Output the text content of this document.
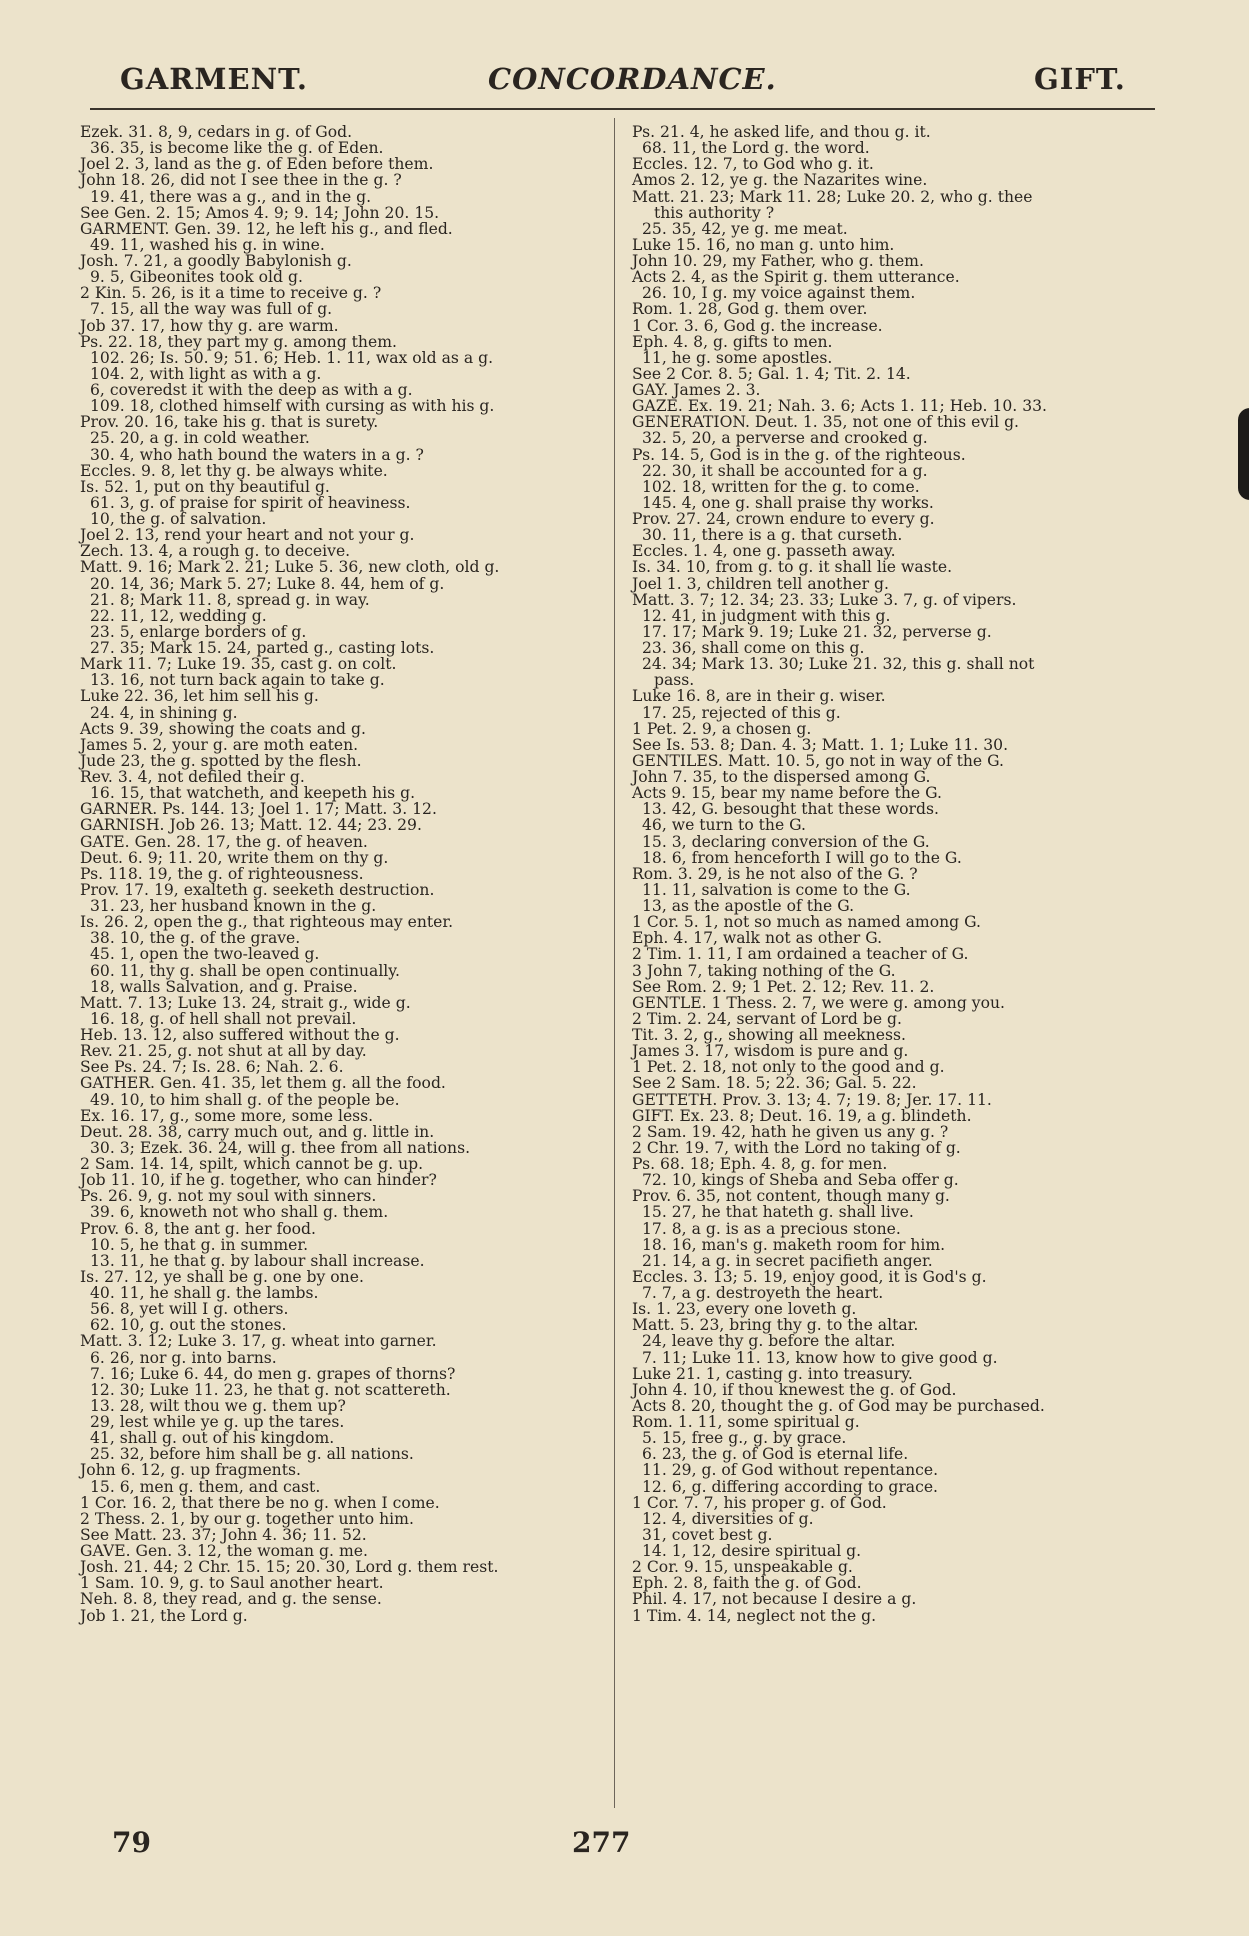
GARMENT.	CONCORDANCE.	GIFT.
Ezek. 31. 8, 9, cedars in g. of God.
36. 35, is become like the g. of Eden.
Joel 2. 3, land as the g. of Eden before them.
John 18. 26, did not I see thee in the g. ?
19. 41, there was a g., and in the g.
See Gen. 2. 15; Amos 4. 9; 9. 14; John 20. 15.
GARMENT. Gen. 39. 12, he left his g., and fled.
49. 11, washed his g. in wine.
Josh. 7. 21, a goodly Babylonish g.
9. 5, Gibeonites took old g.
2 Kin. 5. 26, is it a time to receive g. ?
7. 15, all the way was full of g.
Job 37. 17, how thy g. are warm.
Ps. 22. 18, they part my g. among them.
102. 26; Is. 50. 9; 51. 6; Heb. 1. 11, wax old as a g.
104. 2, with light as with a g.
6, coveredst it with the deep as with a g.
109. 18, clothed himself with cursing as with his g.
Prov. 20. 16, take his g. that is surety.
25. 20, a g. in cold weather.
30. 4, who hath bound the waters in a g. ?
Eccles. 9. 8, let thy g. be always white.
Is. 52. 1, put on thy beautiful g.
61. 3, g. of praise for spirit of heaviness.
10, the g. of salvation.
Joel 2. 13, rend your heart and not your g.
Zech. 13. 4, a rough g. to deceive.
Matt. 9. 16; Mark 2. 21; Luke 5. 36, new cloth, old g.
20. 14, 36; Mark 5. 27; Luke 8. 44, hem of g.
21. 8; Mark 11. 8, spread g. in way.
22. 11, 12, wedding g.
23. 5, enlarge borders of g.
27. 35; Mark 15. 24, parted g., casting lots.
Mark 11. 7; Luke 19. 35, cast g. on colt.
13. 16, not turn back again to take g.
Luke 22. 36, let him sell his g.
24. 4, in shining g.
Acts 9. 39, showing the coats and g.
James 5. 2, your g. are moth eaten.
Jude 23, the g. spotted by the flesh.
Rev. 3. 4, not defiled their g.
16. 15, that watcheth, and keepeth his g.
GARNER. Ps. 144. 13; Joel 1. 17; Matt. 3. 12.
GARNISH. Job 26. 13; Matt. 12. 44; 23. 29.
GATE. Gen. 28. 17, the g. of heaven.
Deut. 6. 9; 11. 20, write them on thy g.
Ps. 118. 19, the g. of righteousness.
Prov. 17. 19, exalteth g. seeketh destruction.
31. 23, her husband known in the g.
Is. 26. 2, open the g., that righteous may enter.
38. 10, the g. of the grave.
45. 1, open the two-leaved g.
60. 11, thy g. shall be open continually.
18, walls Salvation, and g. Praise.
Matt. 7. 13; Luke 13. 24, strait g., wide g.
16. 18, g. of hell shall not prevail.
Heb. 13. 12, also suffered without the g.
Rev. 21. 25, g. not shut at all by day.
See Ps. 24. 7; Is. 28. 6; Nah. 2. 6.
GATHER. Gen. 41. 35, let them g. all the food.
49. 10, to him shall g. of the people be.
Ex. 16. 17, g., some more, some less.
Deut. 28. 38, carry much out, and g. little in.
30. 3; Ezek. 36. 24, will g. thee from all nations.
2 Sam. 14. 14, spilt, which cannot be g. up.
Job 11. 10, if he g. together, who can hinder?
Ps. 26. 9, g. not my soul with sinners.
39. 6, knoweth not who shall g. them.
Prov. 6. 8, the ant g. her food.
10. 5, he that g. in summer.
13. 11, he that g. by labour shall increase.
Is. 27. 12, ye shall be g. one by one.
40. 11, he shall g. the lambs.
56. 8, yet will I g. others.
62. 10, g. out the stones.
Matt. 3. 12; Luke 3. 17, g. wheat into garner.
6. 26, nor g. into barns.
7. 16; Luke 6. 44, do men g. grapes of thorns?
12. 30; Luke 11. 23, he that g. not scattereth.
13. 28, wilt thou we g. them up?
29, lest while ye g. up the tares.
41, shall g. out of his kingdom.
25. 32, before him shall be g. all nations.
John 6. 12, g. up fragments.
15. 6, men g. them, and cast.
1 Cor. 16. 2, that there be no g. when I come.
2 Thess. 2. 1, by our g. together unto him.
See Matt. 23. 37; John 4. 36; 11. 52.
GAVE. Gen. 3. 12, the woman g. me.
Josh. 21. 44; 2 Chr. 15. 15; 20. 30, Lord g. them rest.
1 Sam. 10. 9, g. to Saul another heart.
Neh. 8. 8, they read, and g. the sense.
Job 1. 21, the Lord g.
Ps. 21. 4, he asked life, and thou g. it.
68. 11, the Lord g. the word.
Eccles. 12. 7, to God who g. it.
Amos 2. 12, ye g. the Nazarites wine.
Matt. 21. 23; Mark 11. 28; Luke 20. 2, who g. thee
this authority ?
25. 35, 42, ye g. me meat.
Luke 15. 16, no man g. unto him.
John 10. 29, my Father, who g. them.
Acts 2. 4, as the Spirit g. them utterance.
26. 10, I g. my voice against them.
Rom. 1. 28, God g. them over.
1 Cor. 3. 6, God g. the increase.
Eph. 4. 8, g. gifts to men.
11, he g. some apostles.
See 2 Cor. 8. 5; Gal. 1. 4; Tit. 2. 14.
GAY. James 2. 3.
GAZE. Ex. 19. 21; Nah. 3. 6; Acts 1. 11; Heb. 10. 33.
GENERATION. Deut. 1. 35, not one of this evil g.
32. 5, 20, a perverse and crooked g.
Ps. 14. 5, God is in the g. of the righteous.
22. 30, it shall be accounted for a g.
102. 18, written for the g. to come.
145. 4, one g. shall praise thy works.
Prov. 27. 24, crown endure to every g.
30. 11, there is a g. that curseth.
Eccles. 1. 4, one g. passeth away.
Is. 34. 10, from g. to g. it shall lie waste.
Joel 1. 3, children tell another g.
Matt. 3. 7; 12. 34; 23. 33; Luke 3. 7, g. of vipers.
12. 41, in judgment with this g.
17. 17; Mark 9. 19; Luke 21. 32, perverse g.
23. 36, shall come on this g.
24. 34; Mark 13. 30; Luke 21. 32, this g. shall not
pass.
Luke 16. 8, are in their g. wiser.
17. 25, rejected of this g.
1 Pet. 2. 9, a chosen g.
See Is. 53. 8; Dan. 4. 3; Matt. 1. 1; Luke 11. 30.
GENTILES. Matt. 10. 5, go not in way of the G.
John 7. 35, to the dispersed among G.
Acts 9. 15, bear my name before the G.
13. 42, G. besought that these words.
46, we turn to the G.
15. 3, declaring conversion of the G.
18. 6, from henceforth I will go to the G.
Rom. 3. 29, is he not also of the G. ?
11. 11, salvation is come to the G.
13, as the apostle of the G.
1 Cor. 5. 1, not so much as named among G.
Eph. 4. 17, walk not as other G.
2 Tim. 1. 11, I am ordained a teacher of G.
3 John 7, taking nothing of the G.
See Rom. 2. 9; 1 Pet. 2. 12; Rev. 11. 2.
GENTLE. 1 Thess. 2. 7, we were g. among you.
2 Tim. 2. 24, servant of Lord be g.
Tit. 3. 2, g., showing all meekness.
James 3. 17, wisdom is pure and g.
1 Pet. 2. 18, not only to the good and g.
See 2 Sam. 18. 5; 22. 36; Gal. 5. 22.
GETTETH. Prov. 3. 13; 4. 7; 19. 8; Jer. 17. 11.
GIFT. Ex. 23. 8; Deut. 16. 19, a g. blindeth.
2 Sam. 19. 42, hath he given us any g. ?
2 Chr. 19. 7, with the Lord no taking of g.
Ps. 68. 18; Eph. 4. 8, g. for men.
72. 10, kings of Sheba and Seba offer g.
Prov. 6. 35, not content, though many g.
15. 27, he that hateth g. shall live.
17. 8, a g. is as a precious stone.
18. 16, man's g. maketh room for him.
21. 14, a g. in secret pacifieth anger.
Eccles. 3. 13; 5. 19, enjoy good, it is God's g.
7. 7, a g. destroyeth the heart.
Is. 1. 23, every one loveth g.
Matt. 5. 23, bring thy g. to the altar.
24, leave thy g. before the altar.
7. 11; Luke 11. 13, know how to give good g.
Luke 21. 1, casting g. into treasury.
John 4. 10, if thou knewest the g. of God.
Acts 8. 20, thought the g. of God may be purchased.
Rom. 1. 11, some spiritual g.
5. 15, free g., g. by grace.
6. 23, the g. of God is eternal life.
11. 29, g. of God without repentance.
12. 6, g. differing according to grace.
1 Cor. 7. 7, his proper g. of God.
12. 4, diversities of g.
31, covet best g.
14. 1, 12, desire spiritual g.
2 Cor. 9. 15, unspeakable g.
Eph. 2. 8, faith the g. of God.
Phil. 4. 17, not because I desire a g.
1 Tim. 4. 14, neglect not the g.
79	277
